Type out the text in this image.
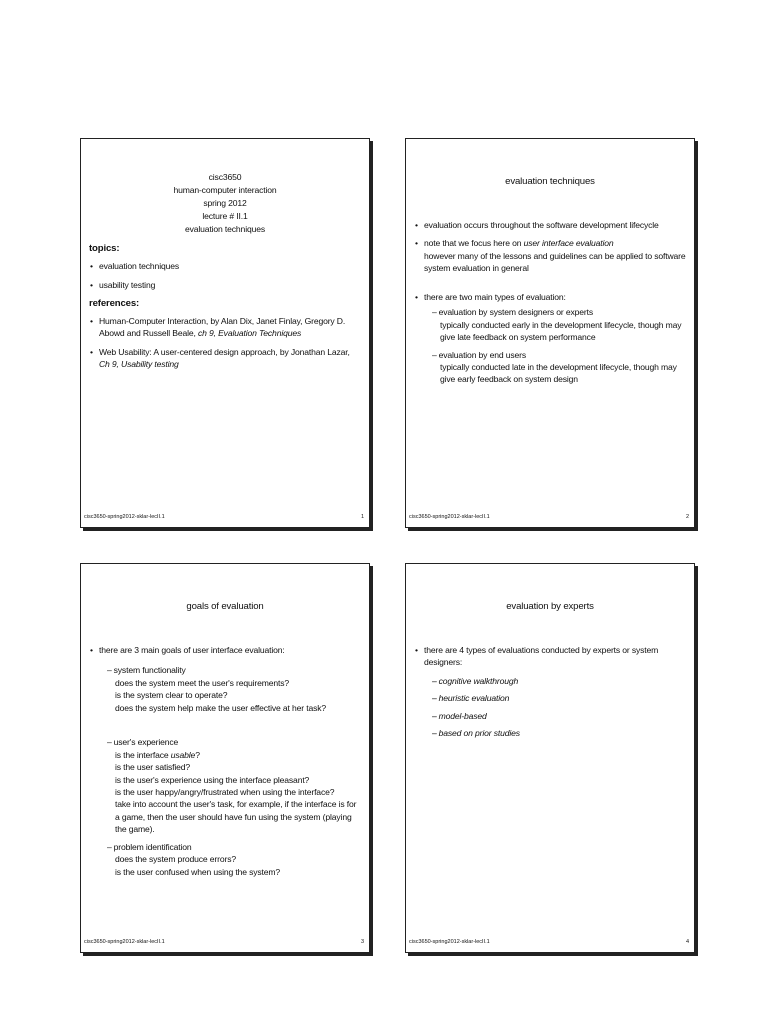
cisc3650
human-computer interaction
spring 2012
lecture # II.1
evaluation techniques
topics:
• evaluation techniques
• usability testing
references:
• Human-Computer Interaction, by Alan Dix, Janet Finlay, Gregory D. Abowd and Russell Beale, ch 9, Evaluation Techniques
• Web Usability: A user-centered design approach, by Jonathan Lazar, Ch 9, Usability testing
cisc3650-spring2012-sklar-lecII.1	1
evaluation techniques
• evaluation occurs throughout the software development lifecycle
• note that we focus here on user interface evaluation
however many of the lessons and guidelines can be applied to software system evaluation in general
• there are two main types of evaluation:
– evaluation by system designers or experts
typically conducted early in the development lifecycle, though may give late feedback on system performance
– evaluation by end users
typically conducted late in the development lifecycle, though may give early feedback on system design
cisc3650-spring2012-sklar-lecII.1	2
goals of evaluation
• there are 3 main goals of user interface evaluation:
– system functionality
does the system meet the user's requirements?
is the system clear to operate?
does the system help make the user effective at her task?
– user's experience
is the interface usable?
is the user satisfied?
is the user's experience using the interface pleasant?
is the user happy/angry/frustrated when using the interface?
take into account the user's task, for example, if the interface is for a game, then the user should have fun using the system (playing the game).
– problem identification
does the system produce errors?
is the user confused when using the system?
cisc3650-spring2012-sklar-lecII.1	3
evaluation by experts
• there are 4 types of evaluations conducted by experts or system designers:
– cognitive walkthrough
– heuristic evaluation
– model-based
– based on prior studies
cisc3650-spring2012-sklar-lecII.1	4
